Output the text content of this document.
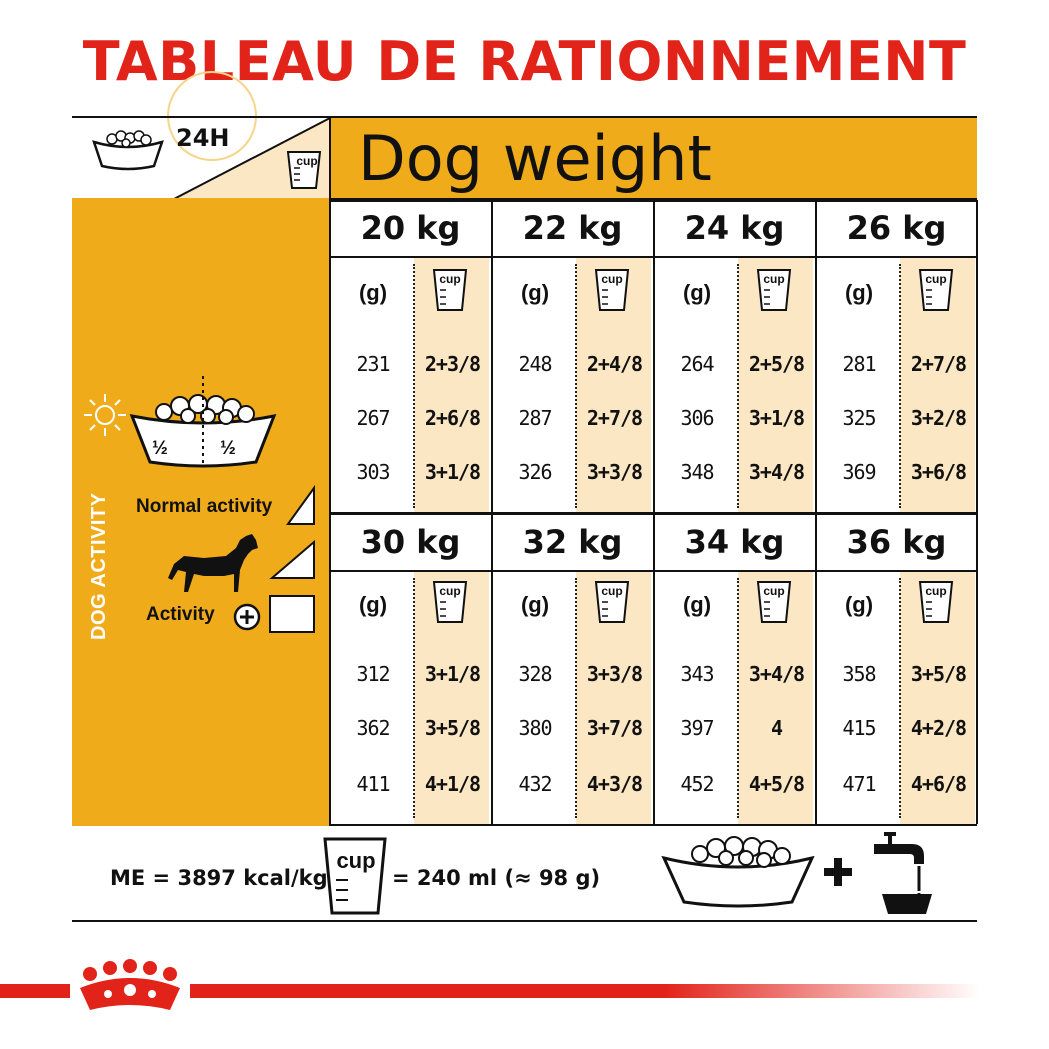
TABLEAU DE RATIONNEMENT
Dog weight
24H
cup
DOG ACTIVITY
½	½
Normal activity
Activity
20 kg
(g)
cup
231	2+3/8
267	2+6/8
303	3+1/8
22 kg
(g)
cup
248	2+4/8
287	2+7/8
326	3+3/8
24 kg
(g)
cup
264	2+5/8
306	3+1/8
348	3+4/8
26 kg
(g)
cup
281	2+7/8
325	3+2/8
369	3+6/8
30 kg
(g)
cup
312	3+1/8
362	3+5/8
411	4+1/8
32 kg
(g)
cup
328	3+3/8
380	3+7/8
432	4+3/8
34 kg
(g)
cup
343	3+4/8
397	4
452	4+5/8
36 kg
(g)
cup
358	3+5/8
415	4+2/8
471	4+6/8
ME = 3897 kcal/kg
cup
= 240 ml (≈ 98 g)
